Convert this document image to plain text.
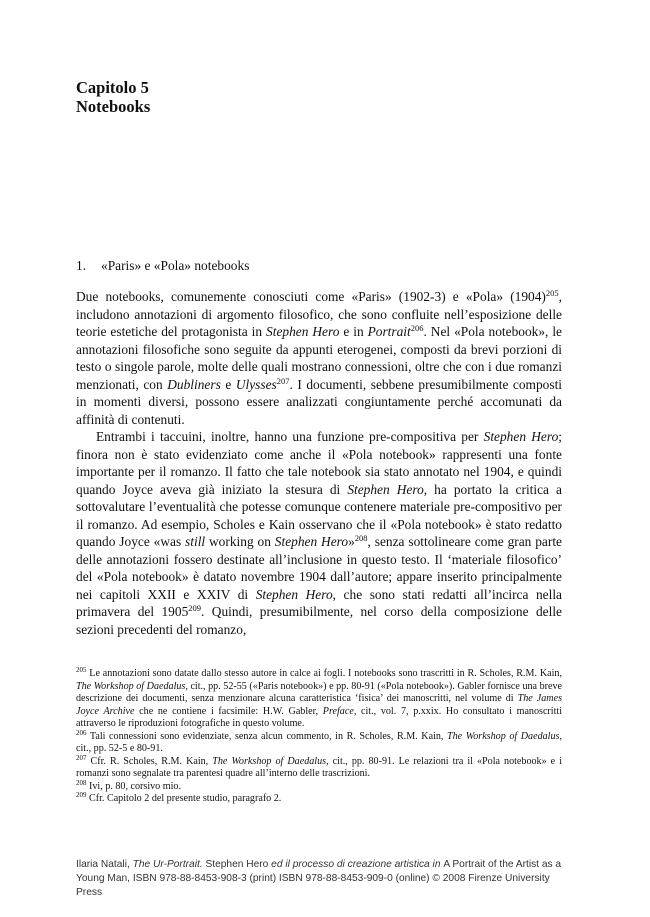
Capitolo 5
Notebooks
1. «Paris» e «Pola» notebooks

Due notebooks, comunemente conosciuti come «Paris» (1902-3) e «Pola» $(1904)^{205}$, includono annotazioni di argomento filosofico, che sono confluite nell’esposizione delle teorie estetiche del protagonista in Stephen Hero e in Portrait$^{206}$. Nel «Pola notebook», le annotazioni filosofiche sono seguite da appunti eterogenei, composti da brevi porzioni di testo o singole parole, molte delle quali mostrano connessioni, oltre che con i due romanzi menzionati, con Dubliners e Ulysses$^{207}$. I documenti, sebbene presumibilmente composti in momenti diversi, possono essere analizzati congiuntamente perché accomunati da affinità di contenuti.

Entrambi i taccuini, inoltre, hanno una funzione pre-compositiva per Stephen Hero; finora non è stato evidenziato come anche il «Pola notebook» rappresenti una fonte importante per il romanzo. Il fatto che tale notebook sia stato annotato nel 1904, e quindi quando Joyce aveva già iniziato la stesura di Stephen Hero, ha portato la critica a sottovalutare l’eventualità che potesse comunque contenere materiale pre-compositivo per il romanzo. Ad esempio, Scholes e Kain osservano che il «Pola notebook» è stato redatto quando Joyce «was still working on Stephen Hero»$^{208}$, senza sottolineare come gran parte delle annotazioni fossero destinate all’inclusione in questo testo. Il ‘materiale filosofico’ del «Pola notebook» è datato novembre 1904 dall’autore; appare inserito principalmente nei capitoli XXII e XXIV di Stephen Hero, che sono stati redatti all’incirca nella primavera del 1905$^{209}$. Quindi, presumibilmente, nel corso della composizione delle sezioni precedenti del romanzo,

$^{205}$ Le annotazioni sono datate dallo stesso autore in calce ai fogli. I notebooks sono trascritti in R. Scholes, R.M. Kain, The Workshop of Daedalus, cit., pp. 52-55 («Paris notebook») e pp. 80-91 («Pola notebook»). Gabler fornisce una breve descrizione dei documenti, senza menzionare alcuna caratteristica ‘fisica’ dei manoscritti, nel volume di The James Joyce Archive che ne contiene i facsimile: H.W. Gabler, Preface, cit., vol. 7, p.xxix. Ho consultato i manoscritti attraverso le riproduzioni fotografiche in questo volume.

$^{206}$ Tali connessioni sono evidenziate, senza alcun commento, in R. Scholes, R.M. Kain, The Workshop of Daedalus, cit., pp. 52-5 e 80-91.

$^{207}$ Cfr. R. Scholes, R.M. Kain, The Workshop of Daedalus, cit., pp. 80-91. Le relazioni tra il «Pola notebook» e i romanzi sono segnalate tra parentesi quadre all’interno delle trascrizioni.

$^{208}$ Ivi, p. 80, corsivo mio.

$^{209}$ Cfr. Capitolo 2 del presente studio, paragrafo 2.

Ilaria Natali, The Ur-Portrait. Stephen Hero ed il processo di creazione artistica in A Portrait of the Artist as a Young Man, ISBN 978-88-8453-908-3 (print) ISBN 978-88-8453-909-0 (online) © 2008 Firenze University Press
